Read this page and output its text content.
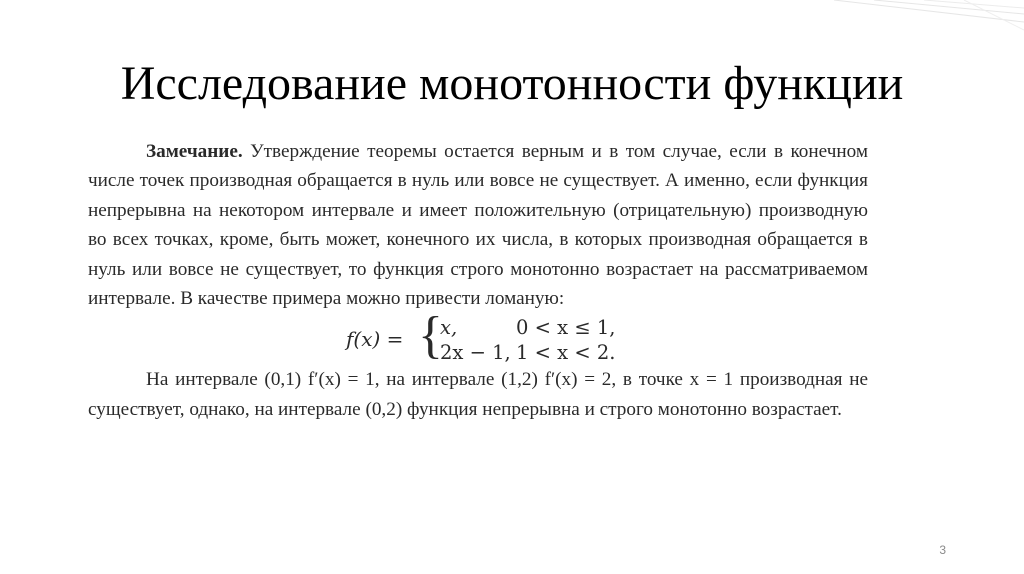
Исследование монотонности функции

Замечание. Утверждение теоремы остается верным и в том случае, если в конечном числе точек производная обращается в нуль или вовсе не существует. А именно, если функция непрерывна на некотором интервале и имеет положительную (отрицательную) производную во всех точках, кроме, быть может, конечного их числа, в которых производная обращается в нуль или вовсе не существует, то функция строго монотонно возрастает на рассматриваемом интервале. В качестве примера можно привести ломаную:

f(x) = {
x,	0 < x ≤ 1,
2x − 1, 1 < x < 2.

На интервале (0,1) f′(x) = 1, на интервале (1,2) f′(x) = 2, в точке x = 1 производная не существует, однако, на интервале (0,2) функция непрерывна и строго монотонно возрастает.

3
